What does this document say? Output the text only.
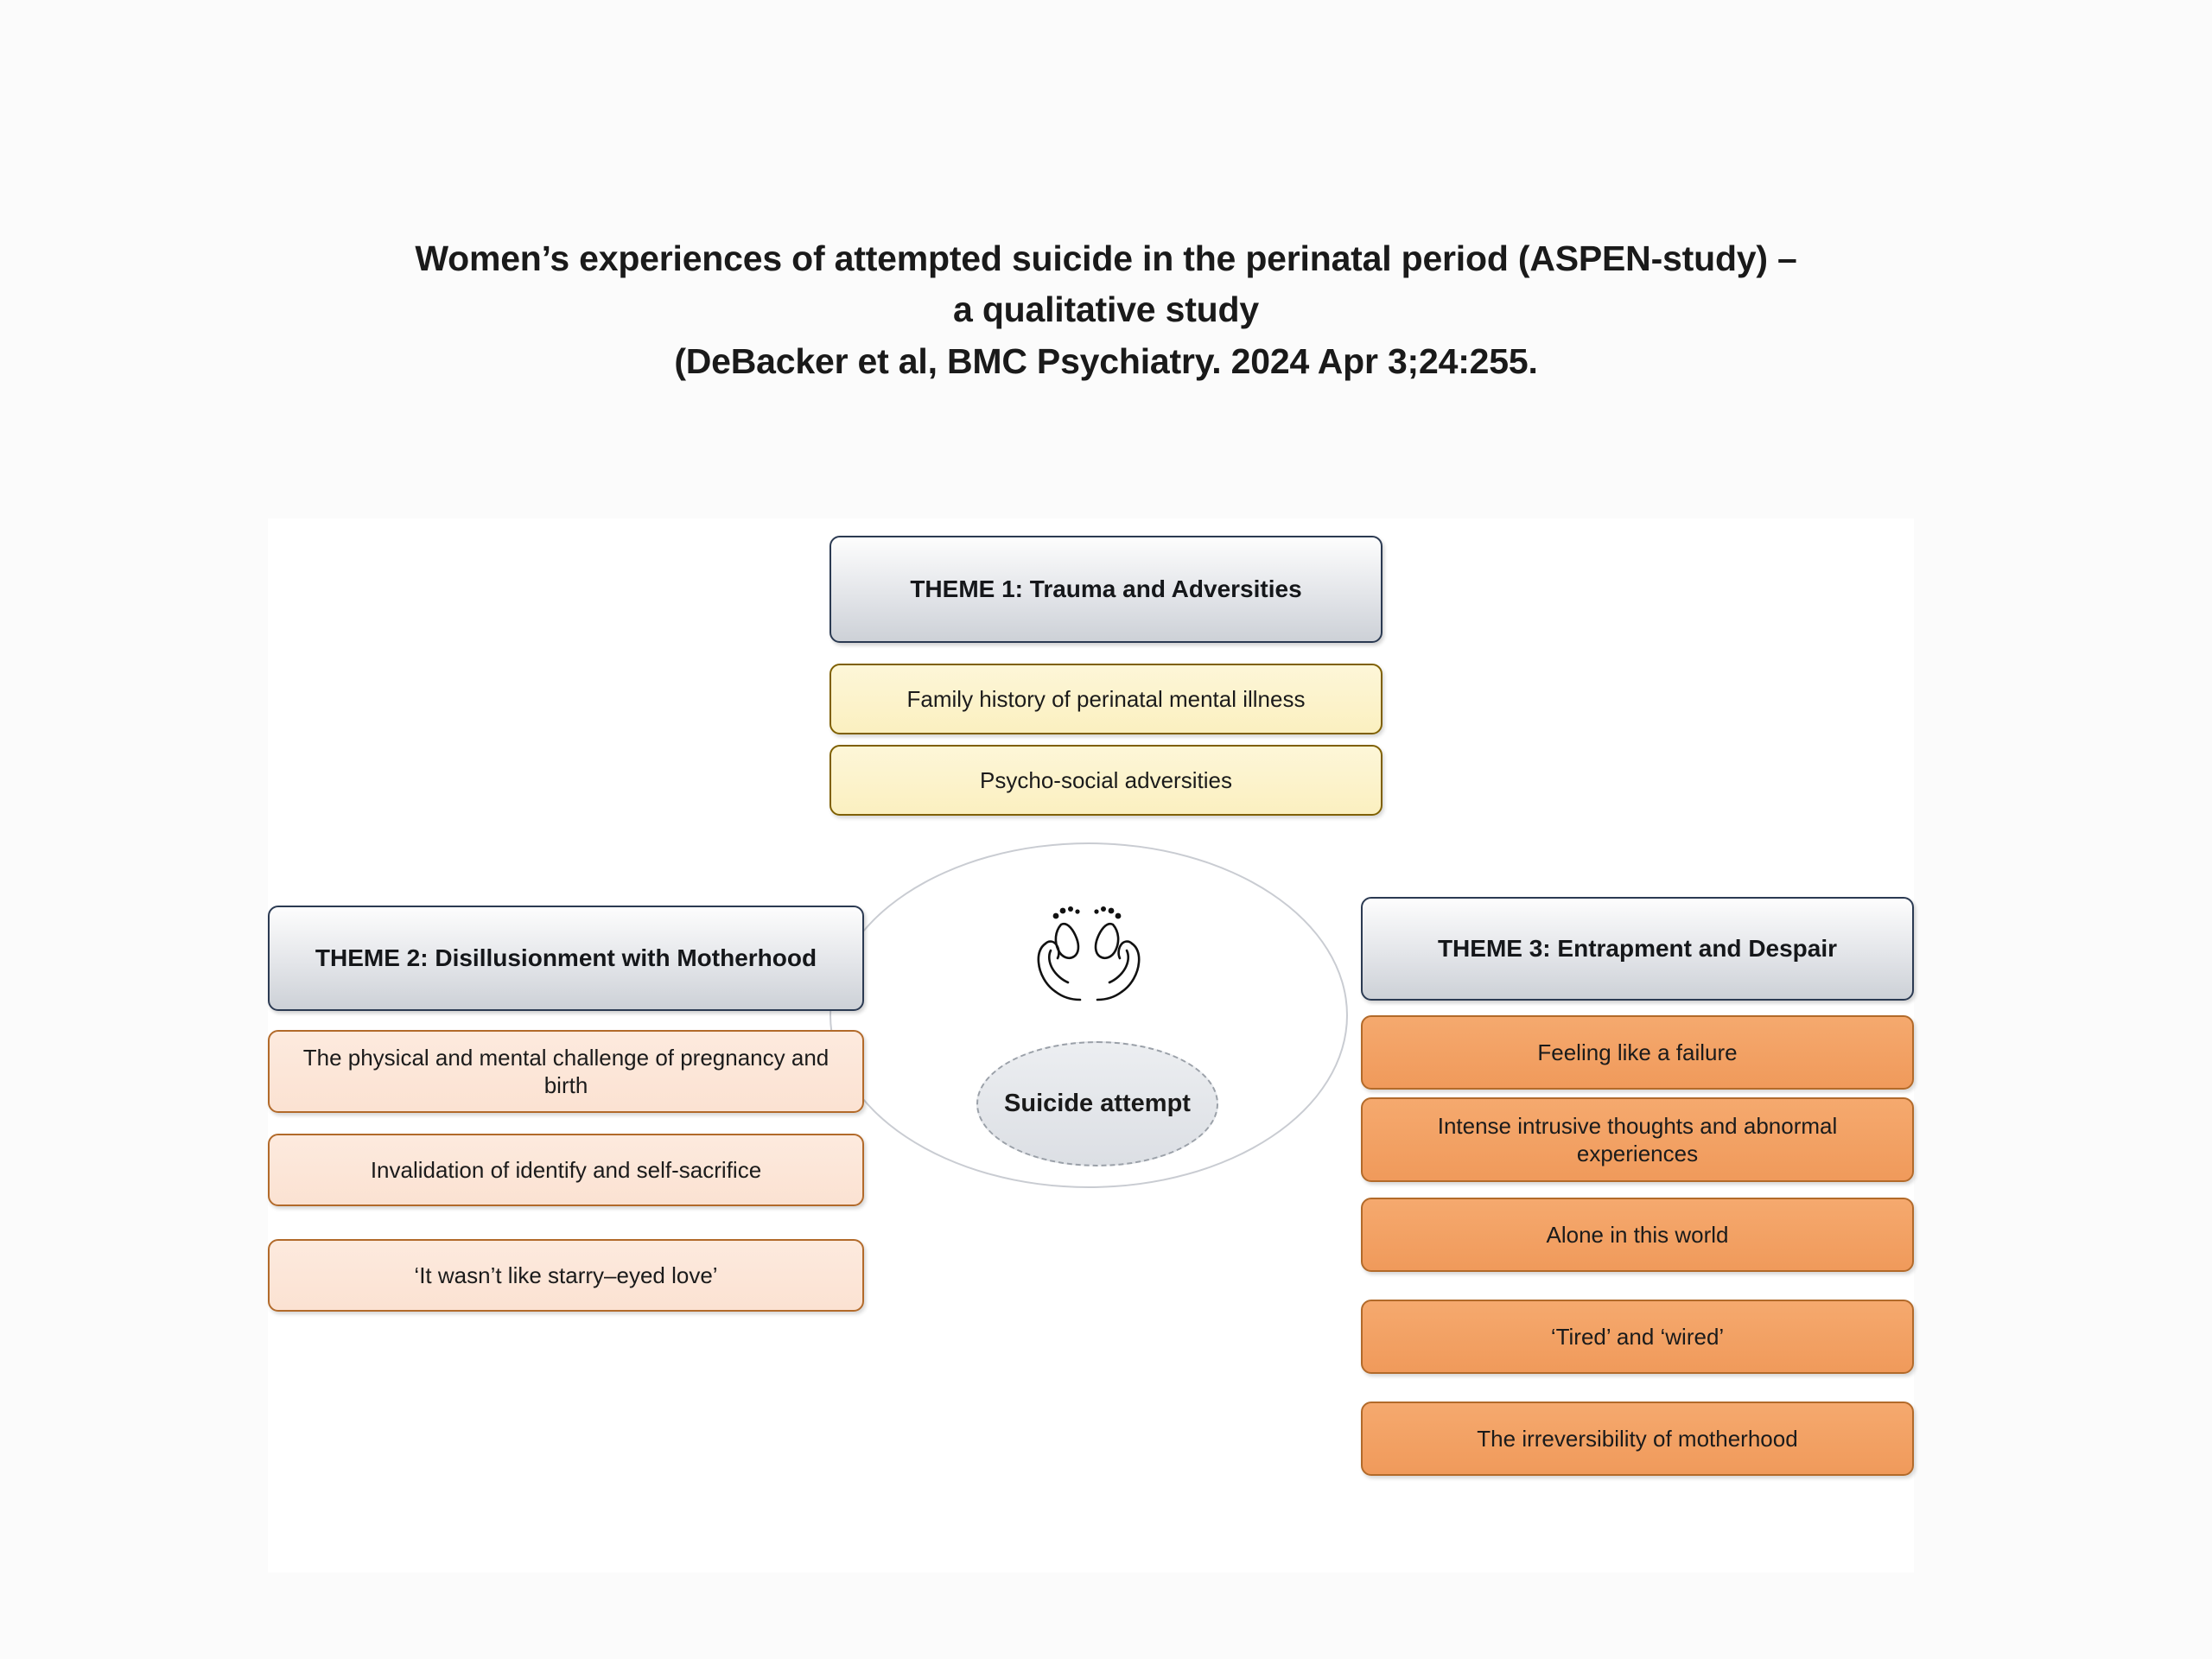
Women’s experiences of attempted suicide in the perinatal period (ASPEN-study) –
a qualitative study
(DeBacker et al, BMC Psychiatry. 2024 Apr 3;24:255.
Suicide attempt
THEME 1: Trauma and Adversities
Family history of perinatal mental illness
Psycho-social adversities
THEME 2: Disillusionment with Motherhood
The physical and mental challenge of pregnancy and birth
Invalidation of identify and self-sacrifice
‘It wasn’t like starry–eyed love’
THEME 3: Entrapment and Despair
Feeling like a failure
Intense intrusive thoughts and abnormal experiences
Alone in this world
‘Tired’ and ‘wired’
The irreversibility of motherhood
